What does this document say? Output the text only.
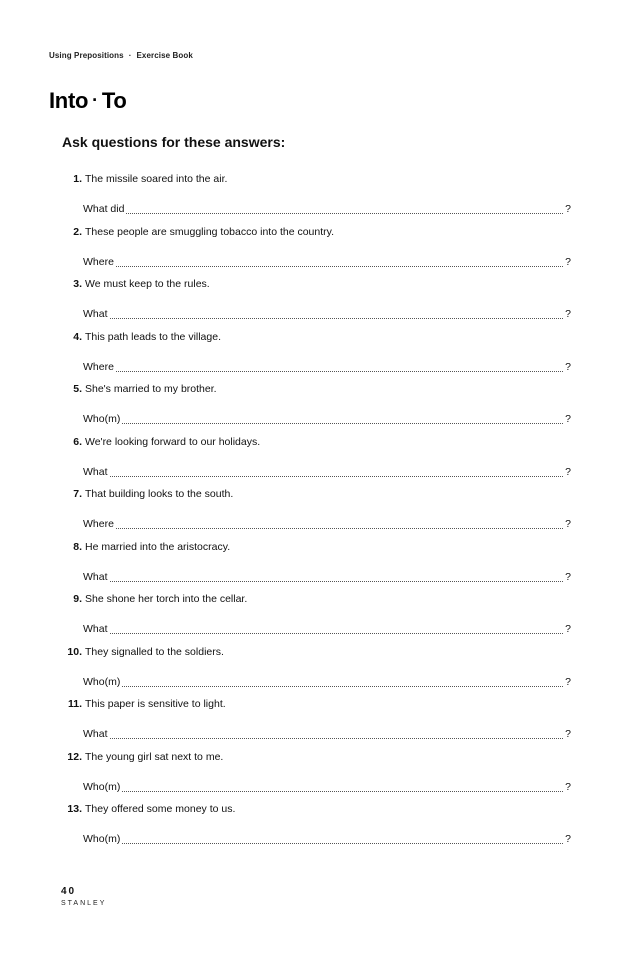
Using Prepositions · Exercise Book
Into · To

Ask questions for these answers:

1. The missile soared into the air.
What did	?
2. These people are smuggling tobacco into the country.
Where	?
3. We must keep to the rules.
What	?
4. This path leads to the village.
Where	?
5. She's married to my brother.
Who(m)	?
6. We're looking forward to our holidays.
What	?
7. That building looks to the south.
Where	?
8. He married into the aristocracy.
What	?
9. She shone her torch into the cellar.
What	?
10. They signalled to the soldiers.
Who(m)	?
11. This paper is sensitive to light.
What	?
12. The young girl sat next to me.
Who(m)	?
13. They offered some money to us.
Who(m)	?
40
STANLEY
